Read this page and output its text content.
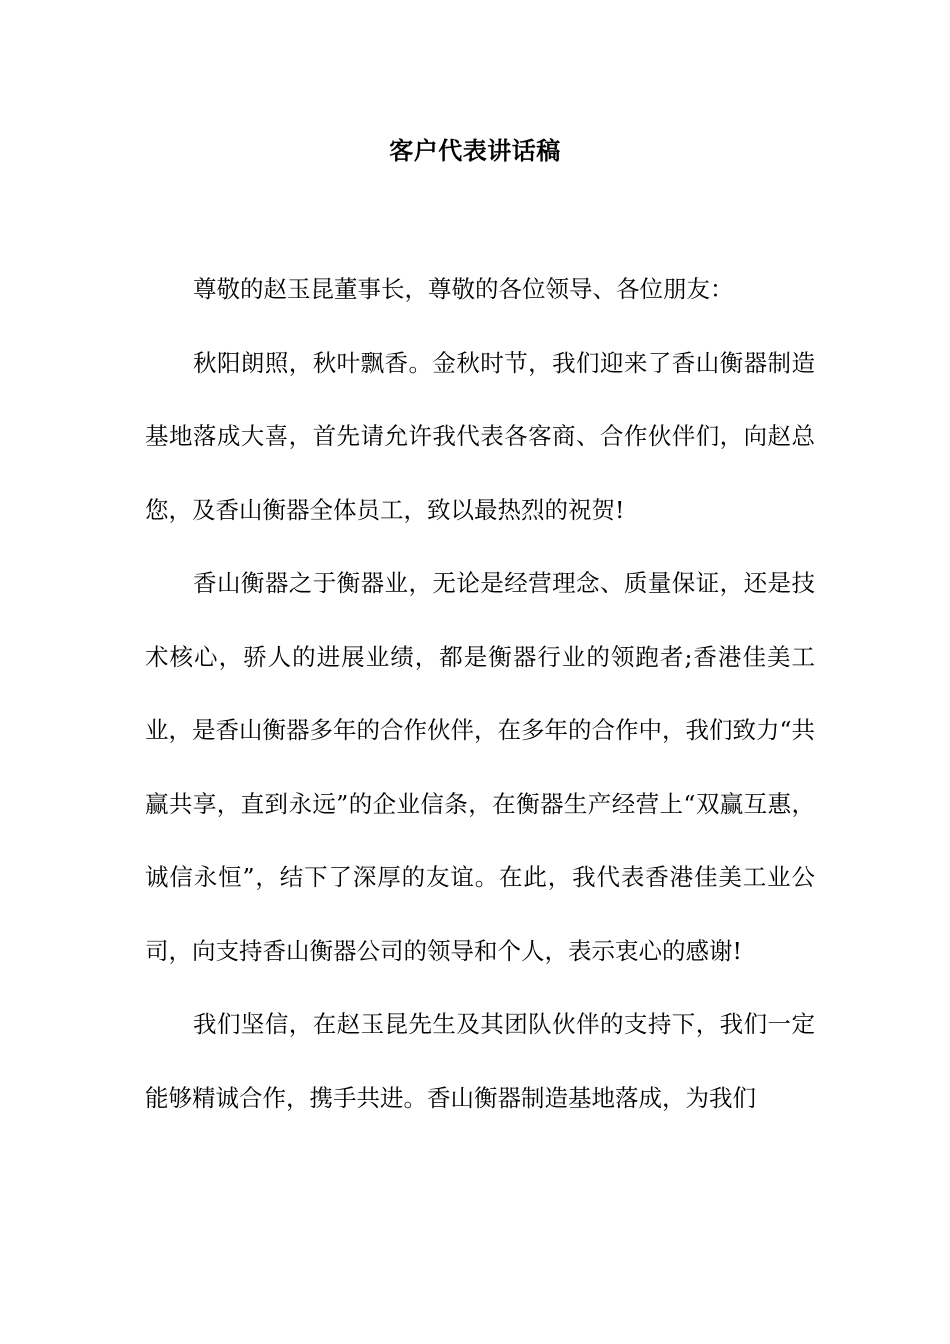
客户代表讲话稿

尊敬的赵玉昆董事长，尊敬的各位领导、各位朋友：

秋阳朗照，秋叶飘香。金秋时节，我们迎来了香山衡器制造基地落成大喜，首先请允许我代表各客商、合作伙伴们，向赵总您，及香山衡器全体员工，致以最热烈的祝贺!

香山衡器之于衡器业，无论是经营理念、质量保证，还是技术核心，骄人的进展业绩，都是衡器行业的领跑者;香港佳美工业，是香山衡器多年的合作伙伴，在多年的合作中，我们致力“共赢共享，直到永远”的企业信条，在衡器生产经营上“双赢互惠，诚信永恒”，结下了深厚的友谊。在此，我代表香港佳美工业公司，向支持香山衡器公司的领导和个人，表示衷心的感谢!

我们坚信，在赵玉昆先生及其团队伙伴的支持下，我们一定能够精诚合作，携手共进。香山衡器制造基地落成，为我们
